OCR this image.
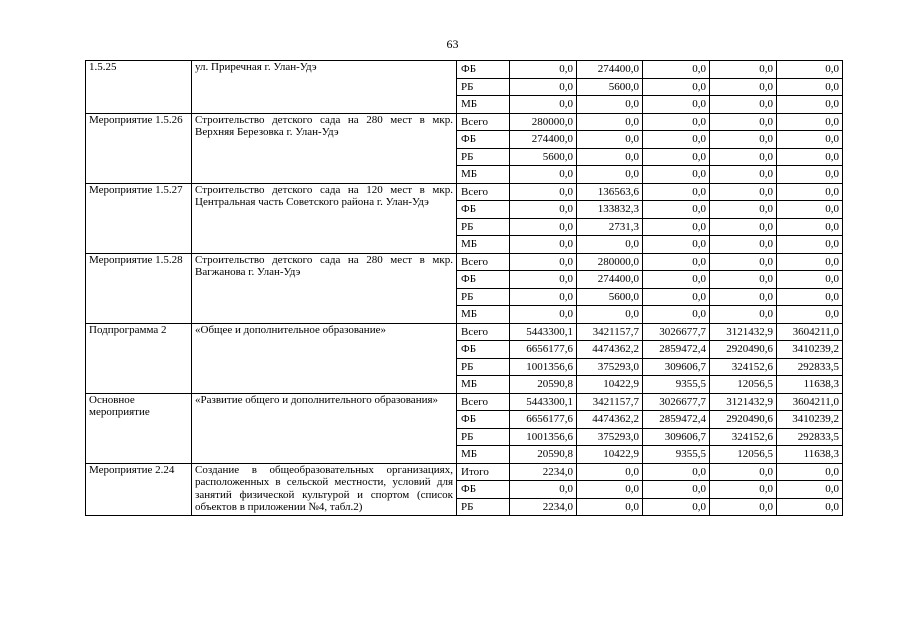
63
1.5.25	ул. Приречная г. Улан-Удэ	ФБ	0,0	274400,0	0,0	0,0	0,0
		РБ	0,0	5600,0	0,0	0,0	0,0
		МБ	0,0	0,0	0,0	0,0	0,0
Мероприятие 1.5.26	Строительство детского сада на 280 мест в мкр. Верхняя Березовка г. Улан-Удэ	Всего	280000,0	0,0	0,0	0,0	0,0
		ФБ	274400,0	0,0	0,0	0,0	0,0
		РБ	5600,0	0,0	0,0	0,0	0,0
		МБ	0,0	0,0	0,0	0,0	0,0
Мероприятие 1.5.27	Строительство детского сада на 120 мест в мкр. Центральная часть Советского района г. Улан-Удэ	Всего	0,0	136563,6	0,0	0,0	0,0
		ФБ	0,0	133832,3	0,0	0,0	0,0
		РБ	0,0	2731,3	0,0	0,0	0,0
		МБ	0,0	0,0	0,0	0,0	0,0
Мероприятие 1.5.28	Строительство детского сада на 280 мест в мкр. Вагжанова г. Улан-Удэ	Всего	0,0	280000,0	0,0	0,0	0,0
		ФБ	0,0	274400,0	0,0	0,0	0,0
		РБ	0,0	5600,0	0,0	0,0	0,0
		МБ	0,0	0,0	0,0	0,0	0,0
Подпрограмма 2	«Общее и дополнительное образование»	Всего	5443300,1	3421157,7	3026677,7	3121432,9	3604211,0
		ФБ	6656177,6	4474362,2	2859472,4	2920490,6	3410239,2
		РБ	1001356,6	375293,0	309606,7	324152,6	292833,5
		МБ	20590,8	10422,9	9355,5	12056,5	11638,3
Основное мероприятие	«Развитие общего и дополнительного образования»	Всего	5443300,1	3421157,7	3026677,7	3121432,9	3604211,0
		ФБ	6656177,6	4474362,2	2859472,4	2920490,6	3410239,2
		РБ	1001356,6	375293,0	309606,7	324152,6	292833,5
		МБ	20590,8	10422,9	9355,5	12056,5	11638,3
Мероприятие 2.24	Создание в общеобразовательных организациях, расположенных в сельской местности, условий для занятий физической культурой и спортом (список объектов в приложении №4, табл.2)	Итого	2234,0	0,0	0,0	0,0	0,0
		ФБ	0,0	0,0	0,0	0,0	0,0
		РБ	2234,0	0,0	0,0	0,0	0,0
